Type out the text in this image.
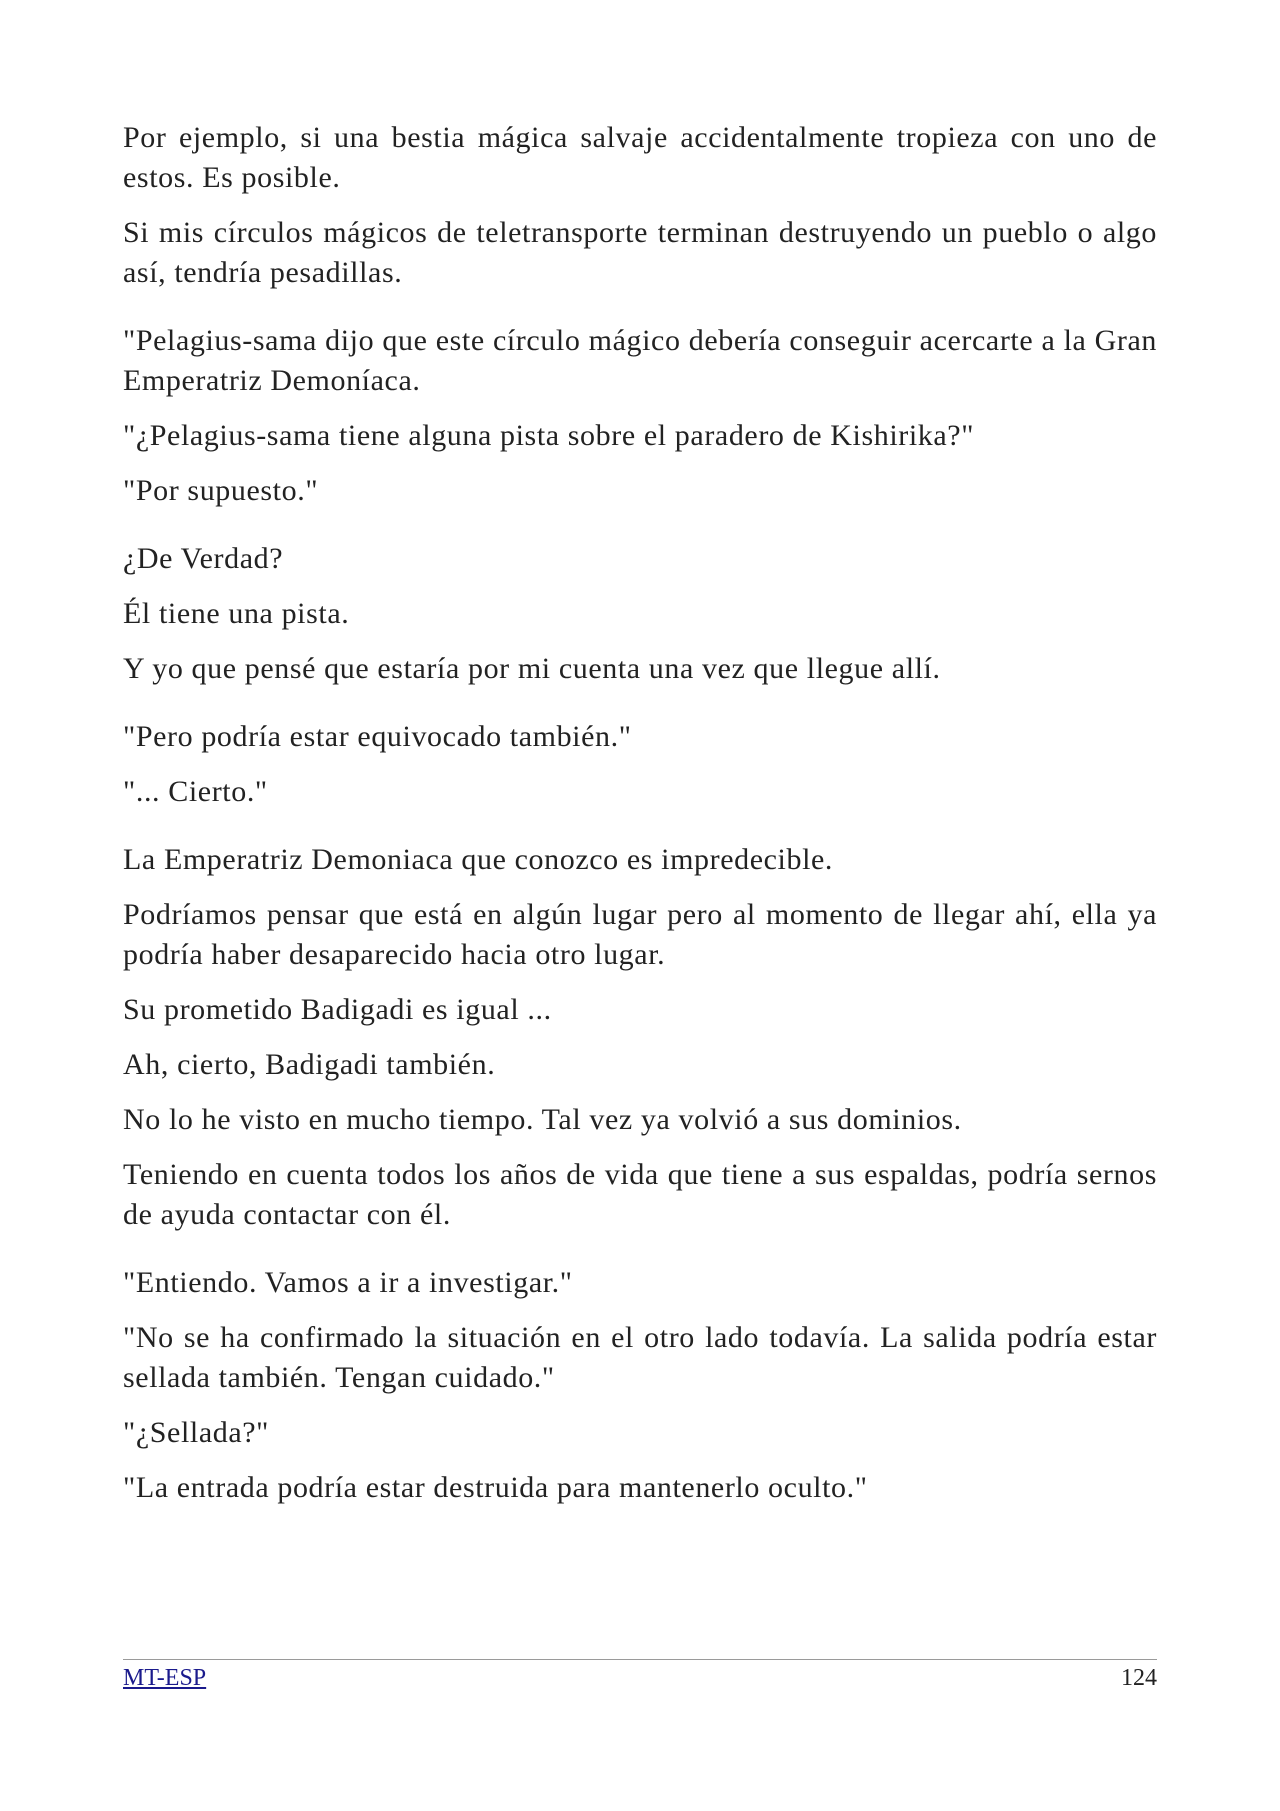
Por ejemplo, si una bestia mágica salvaje accidentalmente tropieza con uno de estos. Es posible.

Si mis círculos mágicos de teletransporte terminan destruyendo un pueblo o algo así, tendría pesadillas.

"Pelagius-sama dijo que este círculo mágico debería conseguir acercarte a la Gran Emperatriz Demoníaca.

"¿Pelagius-sama tiene alguna pista sobre el paradero de Kishirika?"

"Por supuesto."

¿De Verdad?

Él tiene una pista.

Y yo que pensé que estaría por mi cuenta una vez que llegue allí.

"Pero podría estar equivocado también."

"... Cierto."

La Emperatriz Demoniaca que conozco es impredecible.

Podríamos pensar que está en algún lugar pero al momento de llegar ahí, ella ya podría haber desaparecido hacia otro lugar.

Su prometido Badigadi es igual ...

Ah, cierto, Badigadi también.

No lo he visto en mucho tiempo. Tal vez ya volvió a sus dominios.

Teniendo en cuenta todos los años de vida que tiene a sus espaldas, podría sernos de ayuda contactar con él.

"Entiendo. Vamos a ir a investigar."

"No se ha confirmado la situación en el otro lado todavía. La salida podría estar sellada también. Tengan cuidado."

"¿Sellada?"

"La entrada podría estar destruida para mantenerlo oculto."

MT-ESP	124
